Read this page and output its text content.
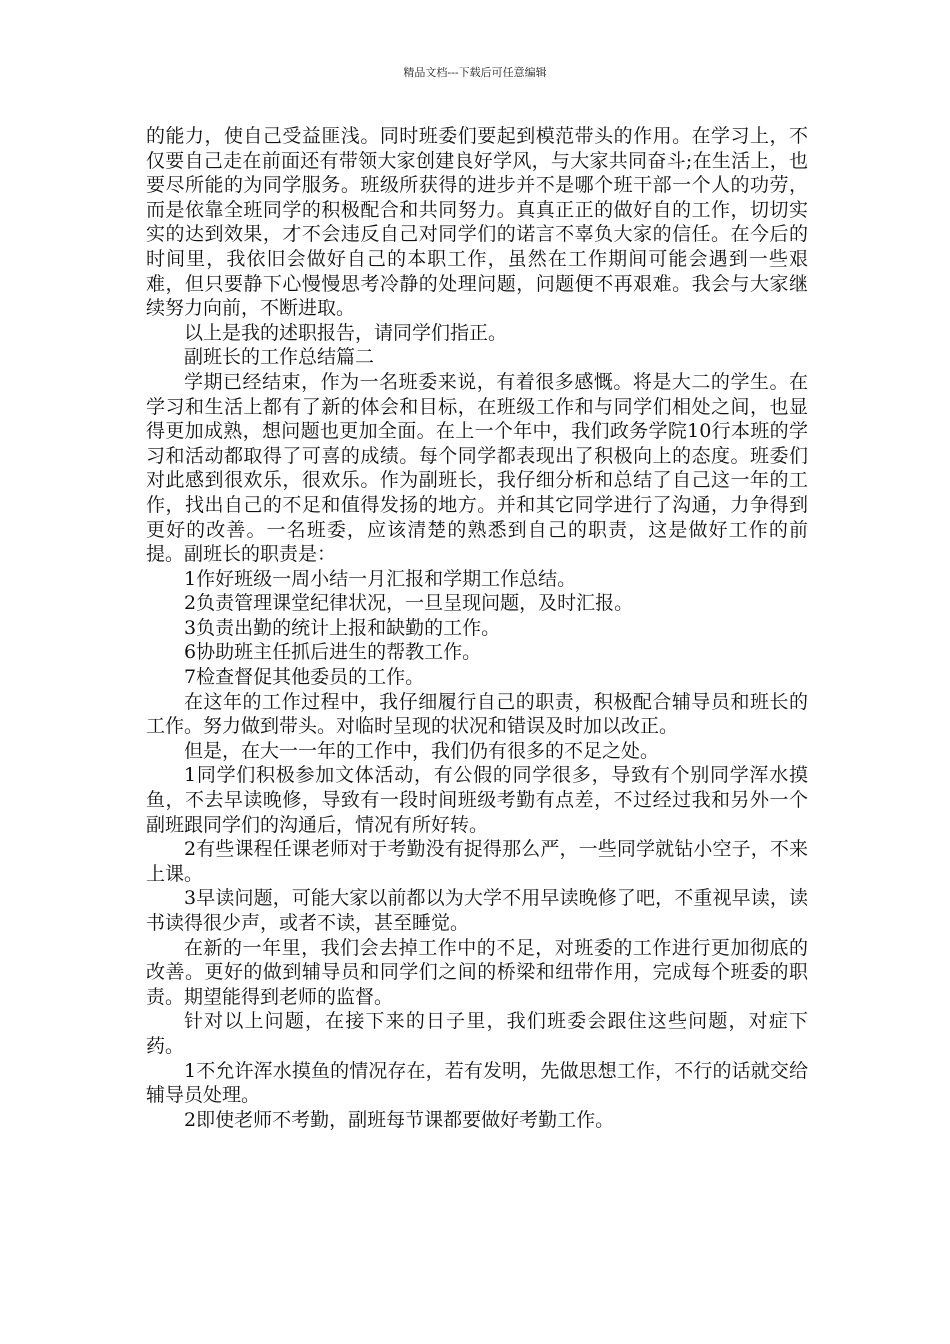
精品文档---下载后可任意编辑

的能力，使自己受益匪浅。同时班委们要起到模范带头的作用。在学习上，不仅要自己走在前面还有带领大家创建良好学风，与大家共同奋斗;在生活上，也要尽所能的为同学服务。班级所获得的进步并不是哪个班干部一个人的功劳，而是依靠全班同学的积极配合和共同努力。真真正正的做好自的工作，切切实实的达到效果，才不会违反自己对同学们的诺言不辜负大家的信任。在今后的时间里，我依旧会做好自己的本职工作，虽然在工作期间可能会遇到一些艰难，但只要静下心慢慢思考冷静的处理问题，问题便不再艰难。我会与大家继续努力向前，不断进取。

以上是我的述职报告，请同学们指正。

副班长的工作总结篇二

学期已经结束，作为一名班委来说，有着很多感慨。将是大二的学生。在学习和生活上都有了新的体会和目标，在班级工作和与同学们相处之间，也显得更加成熟，想问题也更加全面。在上一个年中，我们政务学院10行本班的学习和活动都取得了可喜的成绩。每个同学都表现出了积极向上的态度。班委们对此感到很欢乐，很欢乐。作为副班长，我仔细分析和总结了自己这一年的工作，找出自己的不足和值得发扬的地方。并和其它同学进行了沟通，力争得到更好的改善。一名班委，应该清楚的熟悉到自己的职责，这是做好工作的前提。副班长的职责是：

1作好班级一周小结一月汇报和学期工作总结。

2负责管理课堂纪律状况，一旦呈现问题，及时汇报。

3负责出勤的统计上报和缺勤的工作。

6协助班主任抓后进生的帮教工作。

7检查督促其他委员的工作。

在这年的工作过程中，我仔细履行自己的职责，积极配合辅导员和班长的工作。努力做到带头。对临时呈现的状况和错误及时加以改正。

但是，在大一一年的工作中，我们仍有很多的不足之处。

1同学们积极参加文体活动，有公假的同学很多，导致有个别同学浑水摸鱼，不去早读晚修，导致有一段时间班级考勤有点差，不过经过我和另外一个副班跟同学们的沟通后，情况有所好转。

2有些课程任课老师对于考勤没有捉得那么严，一些同学就钻小空子，不来上课。

3早读问题，可能大家以前都以为大学不用早读晚修了吧，不重视早读，读书读得很少声，或者不读，甚至睡觉。

在新的一年里，我们会去掉工作中的不足，对班委的工作进行更加彻底的改善。更好的做到辅导员和同学们之间的桥梁和纽带作用，完成每个班委的职责。期望能得到老师的监督。

针对以上问题，在接下来的日子里，我们班委会跟住这些问题，对症下药。

1不允许浑水摸鱼的情况存在，若有发明，先做思想工作，不行的话就交给辅导员处理。

2即使老师不考勤，副班每节课都要做好考勤工作。
